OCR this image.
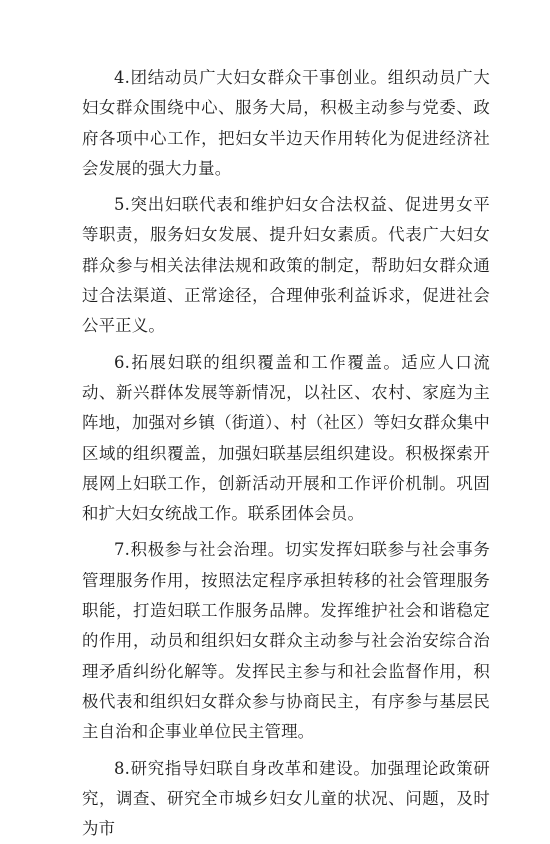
4.团结动员广大妇女群众干事创业。组织动员广大妇女群众围绕中心、服务大局，积极主动参与党委、政府各项中心工作，把妇女半边天作用转化为促进经济社会发展的强大力量。

5.突出妇联代表和维护妇女合法权益、促进男女平等职责，服务妇女发展、提升妇女素质。代表广大妇女群众参与相关法律法规和政策的制定，帮助妇女群众通过合法渠道、正常途径，合理伸张利益诉求，促进社会公平正义。

6.拓展妇联的组织覆盖和工作覆盖。适应人口流动、新兴群体发展等新情况，以社区、农村、家庭为主阵地，加强对乡镇（街道）、村（社区）等妇女群众集中区域的组织覆盖，加强妇联基层组织建设。积极探索开展网上妇联工作，创新活动开展和工作评价机制。巩固和扩大妇女统战工作。联系团体会员。

7.积极参与社会治理。切实发挥妇联参与社会事务管理服务作用，按照法定程序承担转移的社会管理服务职能，打造妇联工作服务品牌。发挥维护社会和谐稳定的作用，动员和组织妇女群众主动参与社会治安综合治理矛盾纠纷化解等。发挥民主参与和社会监督作用，积极代表和组织妇女群众参与协商民主，有序参与基层民主自治和企事业单位民主管理。

8.研究指导妇联自身改革和建设。加强理论政策研究，调查、研究全市城乡妇女儿童的状况、问题，及时为市
